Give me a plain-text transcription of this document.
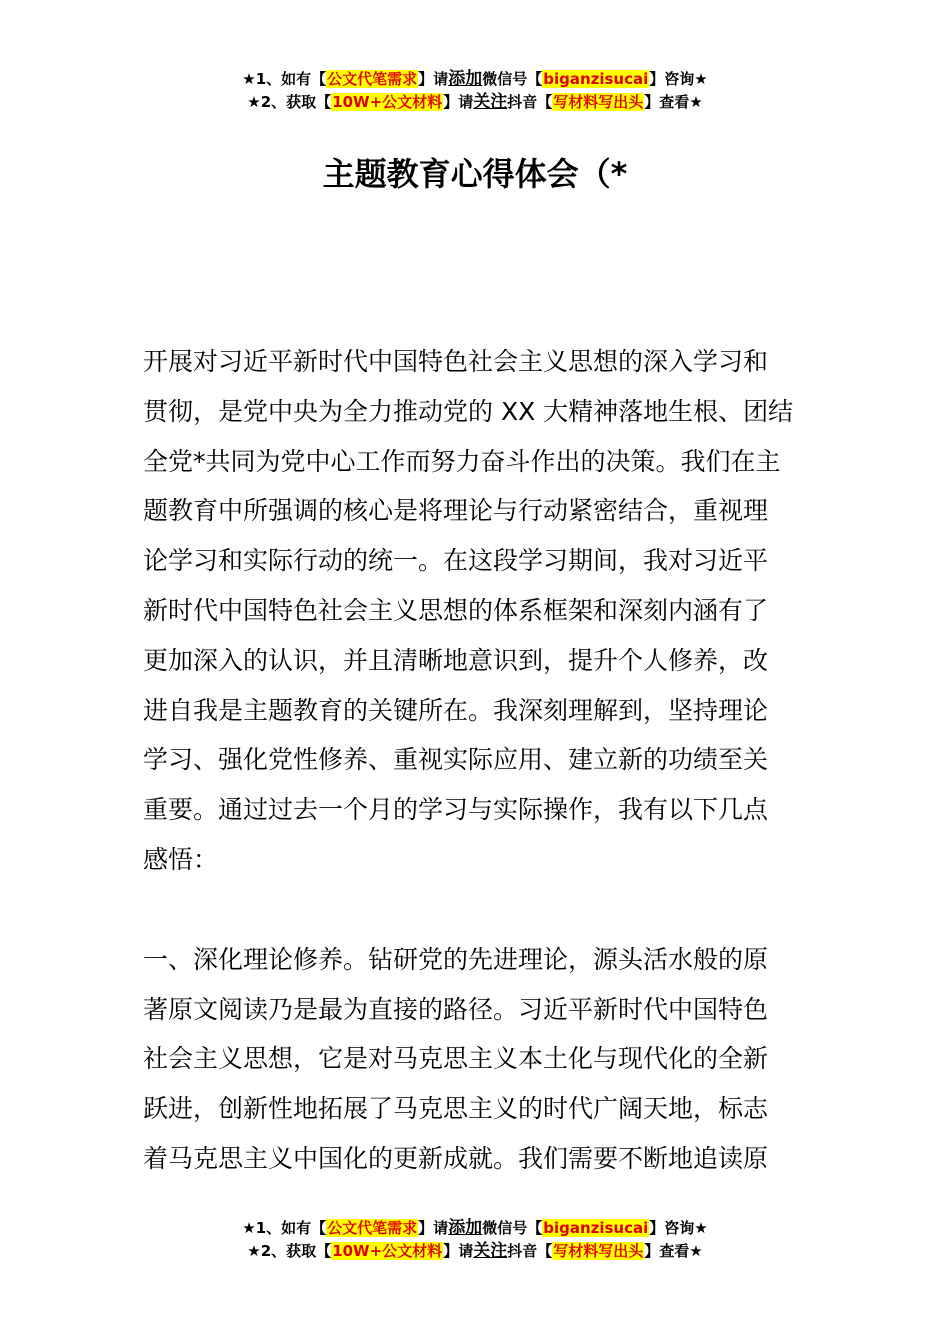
★1、如有【公文代笔需求】请添加微信号【biganzisucai】咨询★
★2、获取【10W+公文材料】请关注抖音【写材料写出头】查看★
主题教育心得体会（*

开展对习近平新时代中国特色社会主义思想的深入学习和

贯彻，是党中央为全力推动党的 XX 大精神落地生根、团结

全党*共同为党中心工作而努力奋斗作出的决策。我们在主

题教育中所强调的核心是将理论与行动紧密结合，重视理

论学习和实际行动的统一。在这段学习期间，我对习近平

新时代中国特色社会主义思想的体系框架和深刻内涵有了

更加深入的认识，并且清晰地意识到，提升个人修养，改

进自我是主题教育的关键所在。我深刻理解到，坚持理论

学习、强化党性修养、重视实际应用、建立新的功绩至关

重要。通过过去一个月的学习与实际操作，我有以下几点

感悟：

一、深化理论修养。钻研党的先进理论，源头活水般的原

著原文阅读乃是最为直接的路径。习近平新时代中国特色

社会主义思想，它是对马克思主义本土化与现代化的全新

跃进，创新性地拓展了马克思主义的时代广阔天地，标志

着马克思主义中国化的更新成就。我们需要不断地追读原

★1、如有【公文代笔需求】请添加微信号【biganzisucai】咨询★
★2、获取【10W+公文材料】请关注抖音【写材料写出头】查看★
